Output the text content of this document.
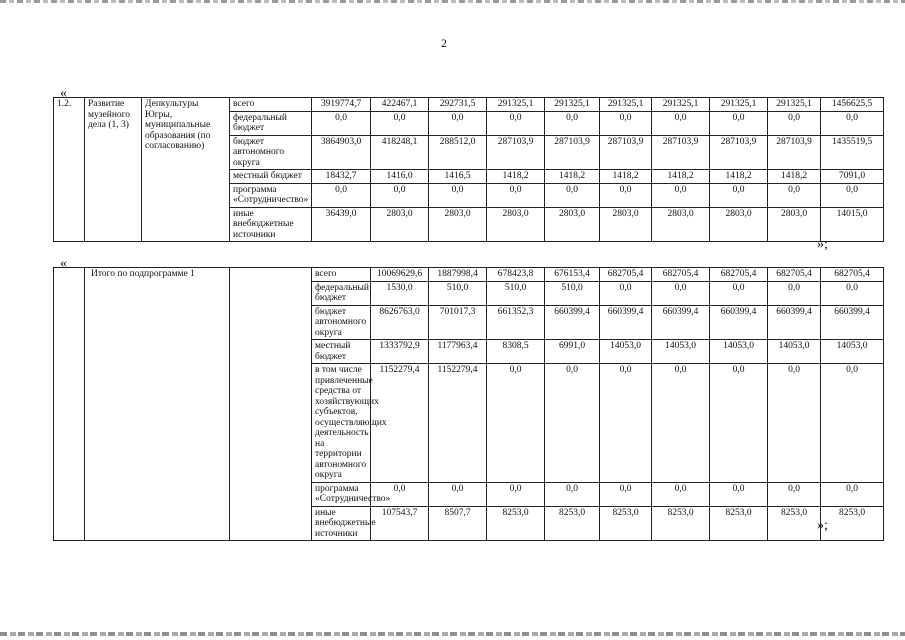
2
«
1.2.	Развитие музейного дела (1, 3)	Депкультуры Югры, муниципальные образования (по согласованию)	всего	3919774,7	422467,1	292731,5	291325,1	291325,1	291325,1	291325,1	291325,1	291325,1	1456625,5
			федеральный бюджет	0,0	0,0	0,0	0,0	0,0	0,0	0,0	0,0	0,0	0,0
			бюджет автономного округа	3864903,0	418248,1	288512,0	287103,9	287103,9	287103,9	287103,9	287103,9	287103,9	1435519,5
			местный бюджет	18432,7	1416,0	1416,5	1418,2	1418,2	1418,2	1418,2	1418,2	1418,2	7091,0
			программа «Сотрудничество»	0,0	0,0	0,0	0,0	0,0	0,0	0,0	0,0	0,0	0,0
			иные внебюджетные источники	36439,0	2803,0	2803,0	2803,0	2803,0	2803,0	2803,0	2803,0	2803,0	14015,0
»;
«
	Итого по подпрограмме 1		всего	10069629,6	1887998,4	678423,8	676153,4	682705,4	682705,4	682705,4	682705,4	682705,4	
			федеральный бюджет	1530,0	510,0	510,0	510,0	0,0	0,0	0,0	0,0	0,0	
			бюджет автономного округа	8626763,0	701017,3	661352,3	660399,4	660399,4	660399,4	660399,4	660399,4	660399,4	
			местный бюджет	1333792,9	1177963,4	8308,5	6991,0	14053,0	14053,0	14053,0	14053,0	14053,0	
			в том числе привлеченные средства от хозяйствующих субъектов, осуществляющих деятельность на территории автономного округа	1152279,4	1152279,4	0,0	0,0	0,0	0,0	0,0	0,0	0,0	
			программа «Сотрудничество»	0,0	0,0	0,0	0,0	0,0	0,0	0,0	0,0	0,0	
			иные внебюджетные источники	107543,7	8507,7	8253,0	8253,0	8253,0	8253,0	8253,0	8253,0	8253,0	
»;
